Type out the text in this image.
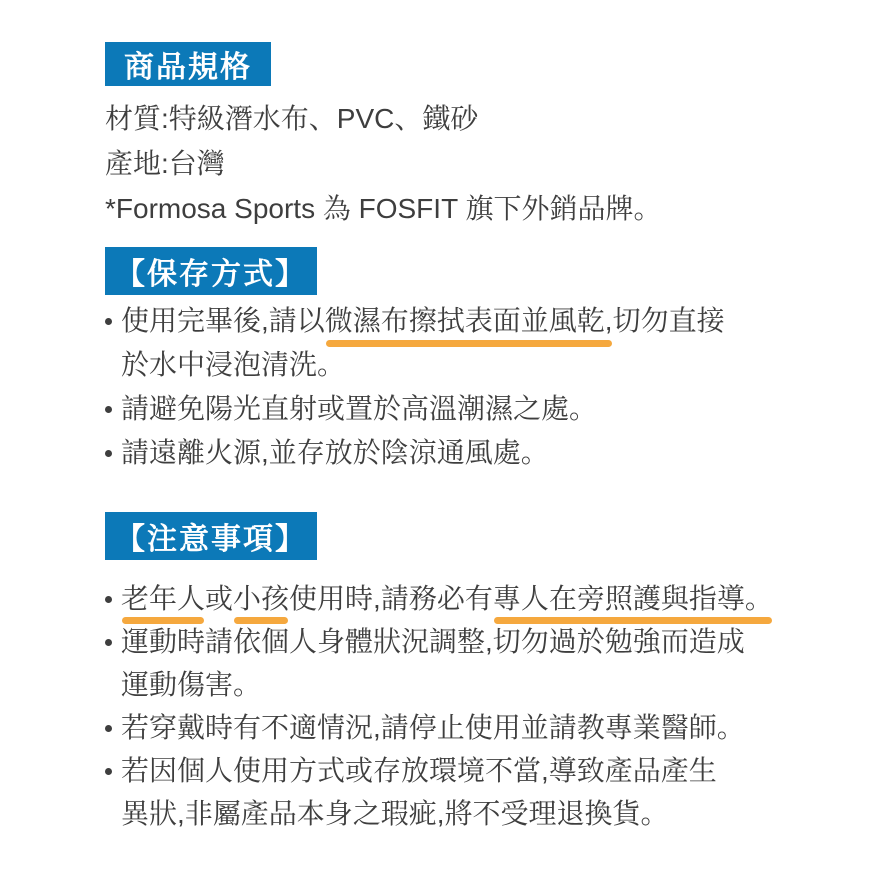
商品規格
材質:特級潛水布、PVC、鐵砂
產地:台灣
*Formosa Sports 為 FOSFIT 旗下外銷品牌。
【保存方式】
使用完畢後,請以微濕布擦拭表面並風乾,切勿直接
於水中浸泡清洗。
請避免陽光直射或置於高溫潮濕之處。
請遠離火源,並存放於陰涼通風處。
【注意事項】
老年人或小孩使用時,請務必有專人在旁照護與指導。
運動時請依個人身體狀況調整,切勿過於勉強而造成
運動傷害。
若穿戴時有不適情況,請停止使用並請教專業醫師。
若因個人使用方式或存放環境不當,導致產品產生
異狀,非屬產品本身之瑕疵,將不受理退換貨。
